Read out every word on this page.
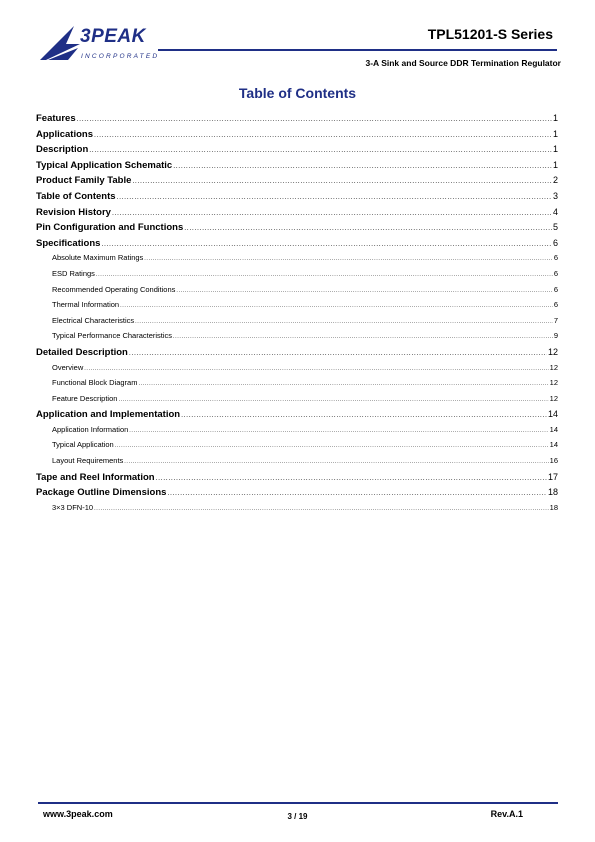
3PEAK
INCORPORATED
TPL51201-S Series
3-A Sink and Source DDR Termination Regulator
Table of Contents
Features .....	1
Applications .....	1
Description .....	1
Typical Application Schematic .....	1
Product Family Table .....	2
Table of Contents .....	3
Revision History .....	4
Pin Configuration and Functions .....	5
Specifications .....	6
Absolute Maximum Ratings .....	6
ESD Ratings .....	6
Recommended Operating Conditions .....	6
Thermal Information .....	6
Electrical Characteristics .....	7
Typical Performance Characteristics .....	9
Detailed Description .....	12
Overview .....	12
Functional Block Diagram .....	12
Feature Description .....	12
Application and Implementation .....	14
Application Information .....	14
Typical Application .....	14
Layout Requirements .....	16
Tape and Reel Information .....	17
Package Outline Dimensions .....	18
3×3 DFN-10 .....	18
www.3peak.com	3 / 19	Rev.A.1
